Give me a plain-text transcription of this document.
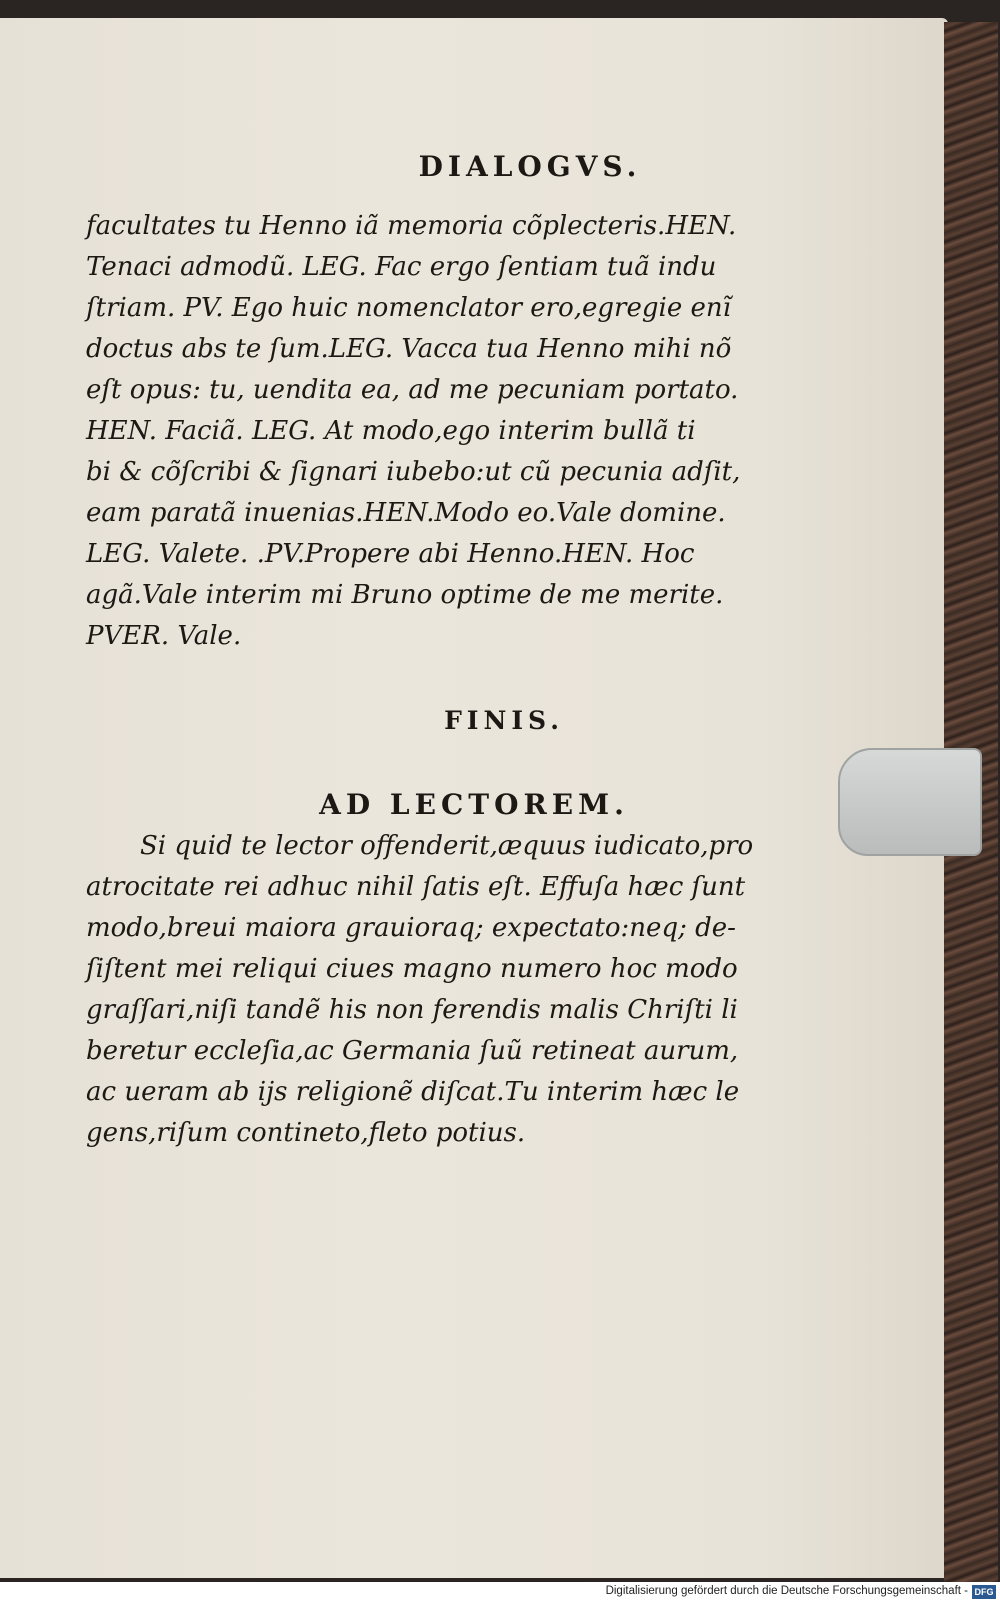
DIALOGVS.
facultates tu Henno iã memoria cõplecteris.HEN.
Tenaci admodũ. LEG. Fac ergo ſentiam tuã indu
ſtriam. PV. Ego huic nomenclator ero,egregie enĩ
doctus abs te ſum.LEG. Vacca tua Henno mihi nõ
eſt opus: tu, uendita ea, ad me pecuniam portato.
HEN. Faciã. LEG. At modo,ego interim bullã ti
bi & cõſcribi & ſignari iubebo:ut cũ pecunia adſit,
eam paratã inuenias.HEN.Modo eo.Vale domine.
LEG. Valete. .PV.Propere abi Henno.HEN. Hoc
agã.Vale interim mi Bruno optime de me merite.
PVER. Vale.
FINIS.
AD LECTOREM.
Si quid te lector offenderit,æquus iudicato,pro
atrocitate rei adhuc nihil ſatis eſt. Effuſa hæc ſunt
modo,breui maiora grauioraq; expectato:neq; de-
ſiſtent mei reliqui ciues magno numero hoc modo
graſſari,niſi tandẽ his non ferendis malis Chriſti li
beretur eccleſia,ac Germania ſuũ retineat aurum,
ac ueram ab ijs religionẽ diſcat.Tu interim hæc le
gens,riſum contineto,fleto potius.
Digitalisierung gefördert durch die Deutsche Forschungsgemeinschaft - DFG
